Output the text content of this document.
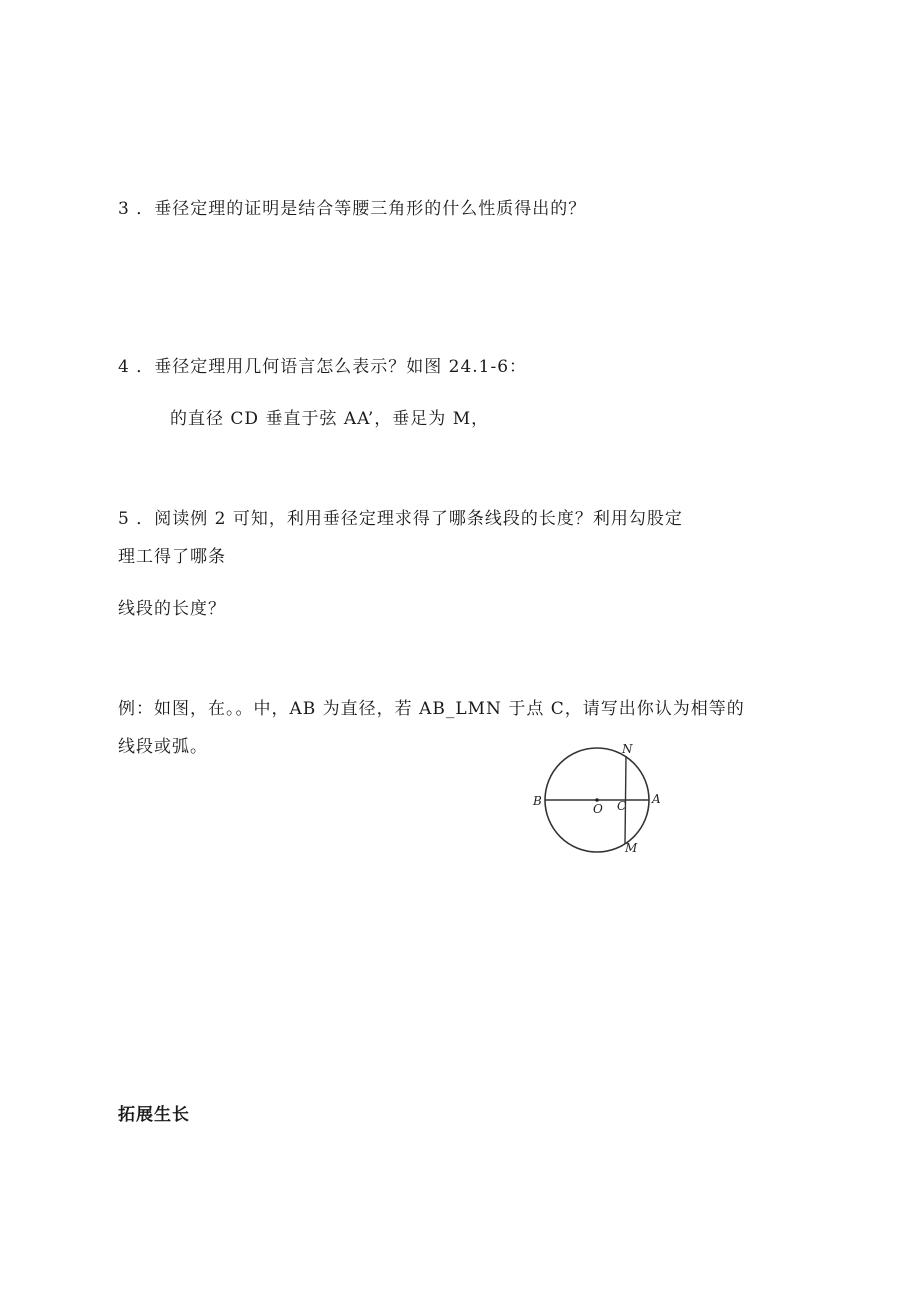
3 ．垂径定理的证明是结合等腰三角形的什么性质得出的？
4 ．垂径定理用几何语言怎么表示？如图 24.1-6：
的直径 CD 垂直于弦 AA’，垂足为 M，
5 ．阅读例 2 可知，利用垂径定理求得了哪条线段的长度？利用勾股定
理工得了哪条
线段的长度？
例：如图，在。。中，AB 为直径，若 AB_LMN 于点 C，请写出你认为相等的
线段或弧。
B
O C A
N
M
拓展生长
